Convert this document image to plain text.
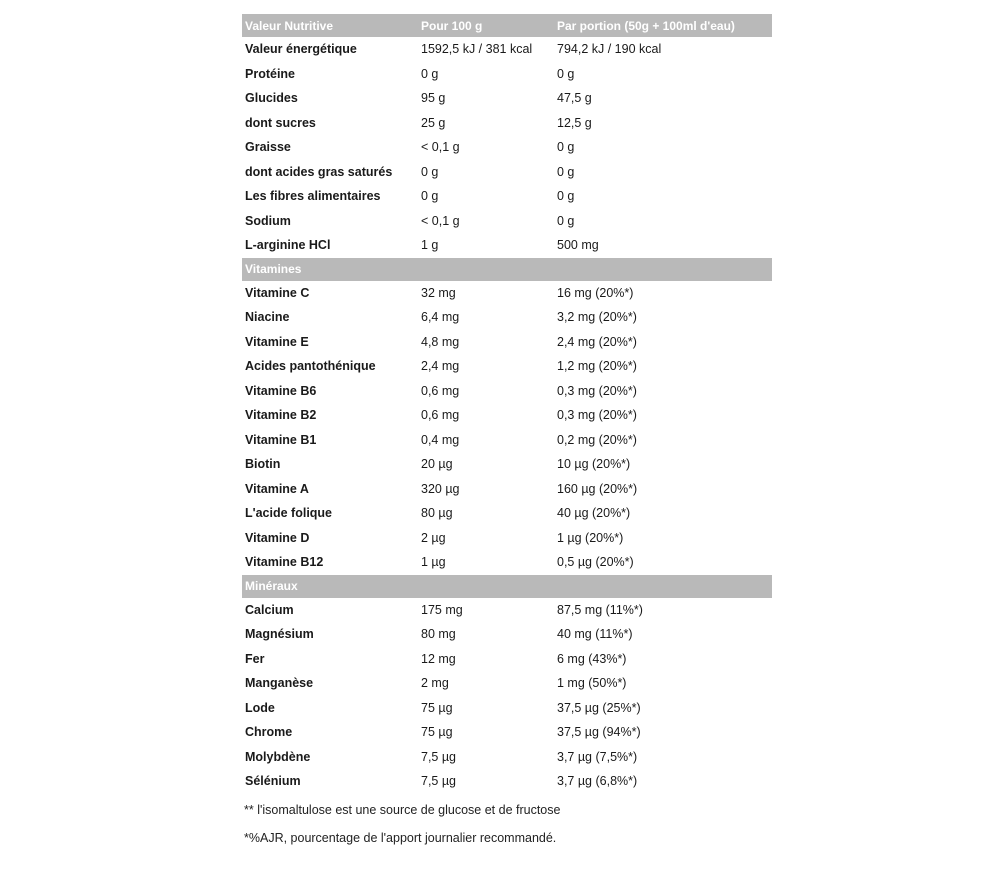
Valeur Nutritive	Pour 100 g	Par portion (50g + 100ml d'eau)
Valeur énergétique	1592,5 kJ / 381 kcal	794,2 kJ / 190 kcal
Protéine	0 g	0 g
Glucides	95 g	47,5 g
dont sucres	25 g	12,5 g
Graisse	< 0,1 g	0 g
dont acides gras saturés	0 g	0 g
Les fibres alimentaires	0 g	0 g
Sodium	< 0,1 g	0 g
L-arginine HCl	1 g	500 mg
Vitamines		
Vitamine C	32 mg	16 mg (20%*)
Niacine	6,4 mg	3,2 mg (20%*)
Vitamine E	4,8 mg	2,4 mg (20%*)
Acides pantothénique	2,4 mg	1,2 mg (20%*)
Vitamine B6	0,6 mg	0,3 mg (20%*)
Vitamine B2	0,6 mg	0,3 mg (20%*)
Vitamine B1	0,4 mg	0,2 mg (20%*)
Biotin	20 µg	10 µg (20%*)
Vitamine A	320 µg	160 µg (20%*)
L'acide folique	80 µg	40 µg (20%*)
Vitamine D	2 µg	1 µg (20%*)
Vitamine B12	1 µg	0,5 µg (20%*)
Minéraux		
Calcium	175 mg	87,5 mg (11%*)
Magnésium	80 mg	40 mg (11%*)
Fer	12 mg	6 mg (43%*)
Manganèse	2 mg	1 mg (50%*)
Lode	75 µg	37,5 µg (25%*)
Chrome	75 µg	37,5 µg (94%*)
Molybdène	7,5 µg	3,7 µg (7,5%*)
Sélénium	7,5 µg	3,7 µg (6,8%*)
** l'isomaltulose est une source de glucose et de fructose
*%AJR, pourcentage de l'apport journalier recommandé.
